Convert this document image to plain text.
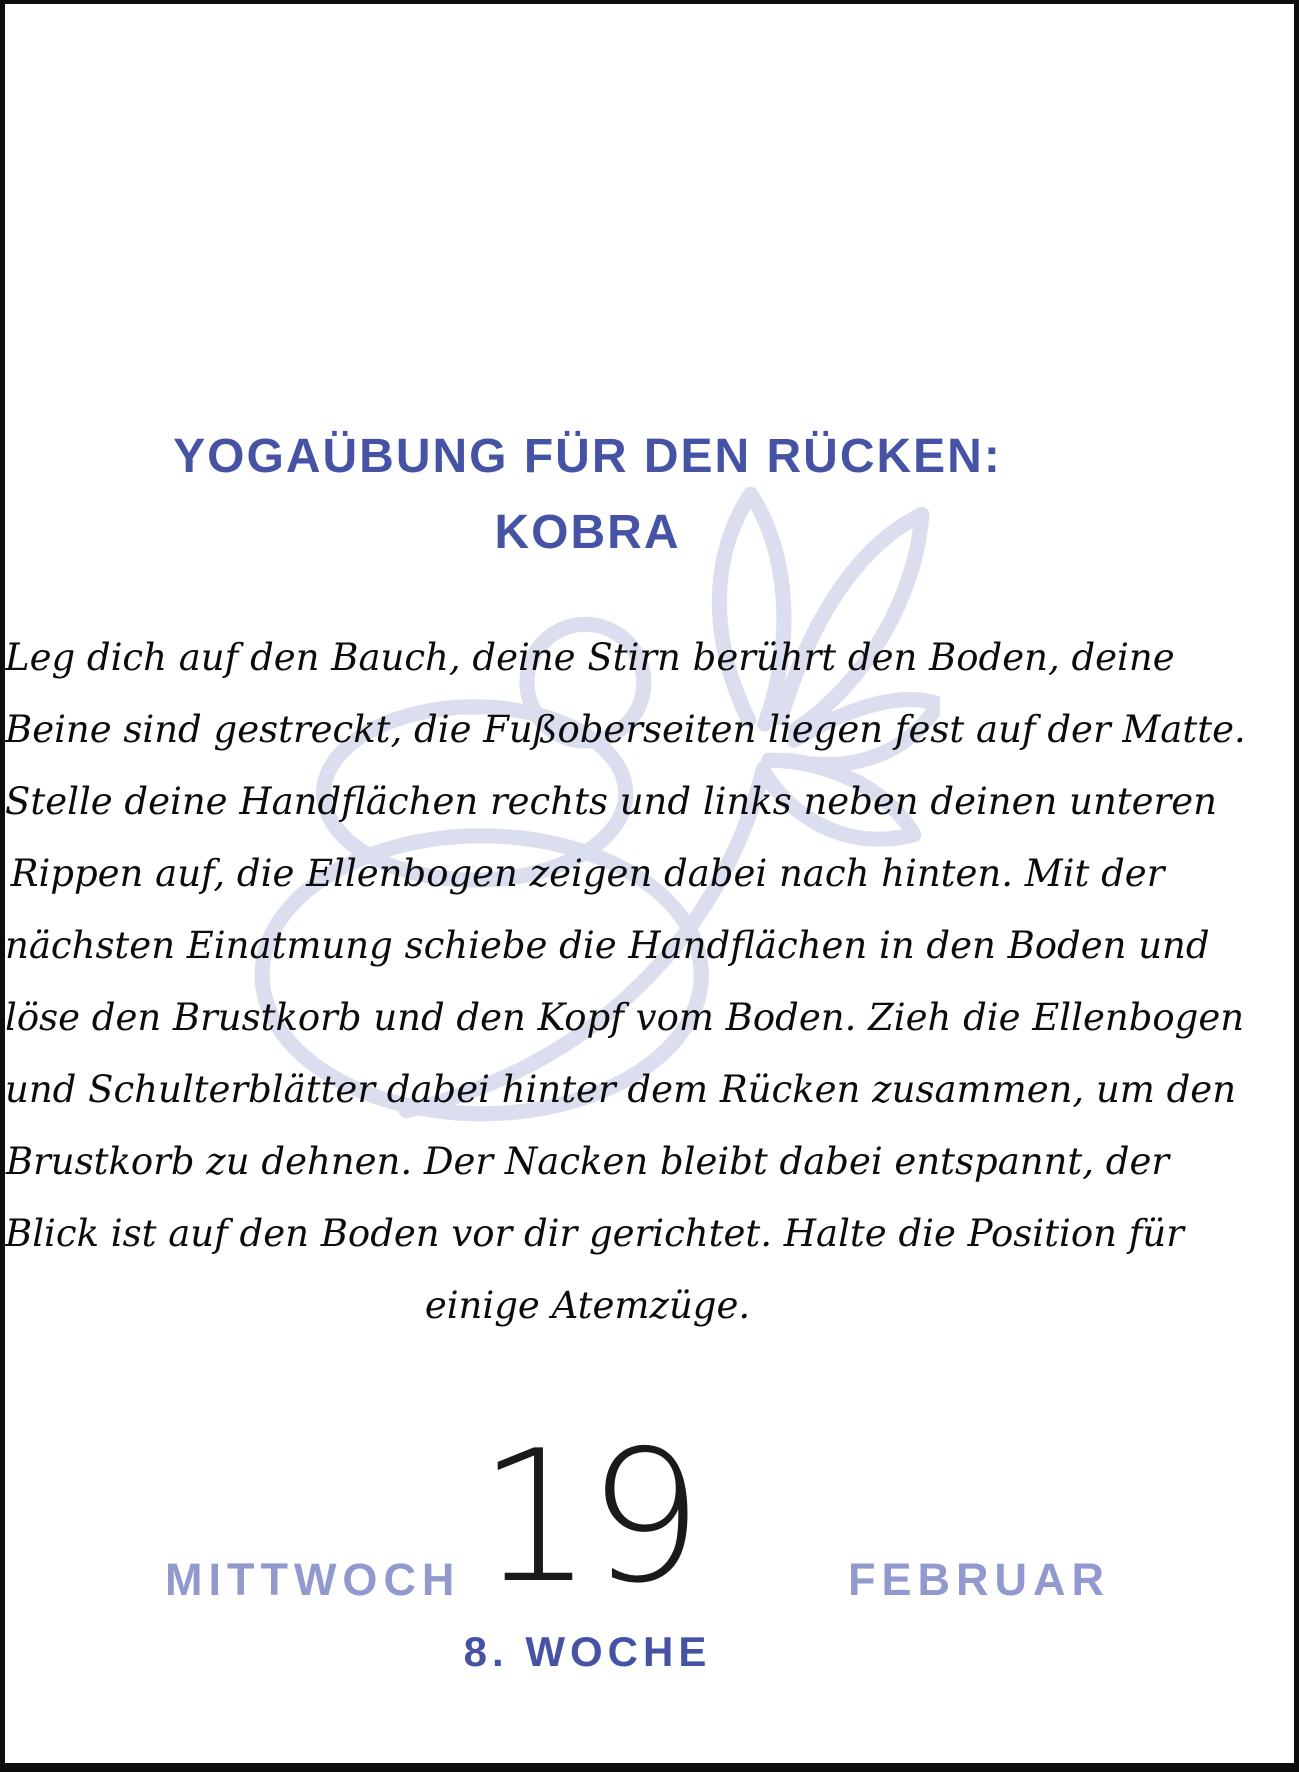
YOGAÜBUNG FÜR DEN RÜCKEN:
KOBRA
Leg dich auf den Bauch, deine Stirn berührt den Boden, deine
Beine sind gestreckt, die Fußoberseiten liegen fest auf der Matte.
Stelle deine Handflächen rechts und links neben deinen unteren
Rippen auf, die Ellenbogen zeigen dabei nach hinten. Mit der
nächsten Einatmung schiebe die Handflächen in den Boden und
löse den Brustkorb und den Kopf vom Boden. Zieh die Ellenbogen
und Schulterblätter dabei hinter dem Rücken zusammen, um den
Brustkorb zu dehnen. Der Nacken bleibt dabei entspannt, der
Blick ist auf den Boden vor dir gerichtet. Halte die Position für
einige Atemzüge.
MITTWOCH 19	FEBRUAR
8. WOCHE
